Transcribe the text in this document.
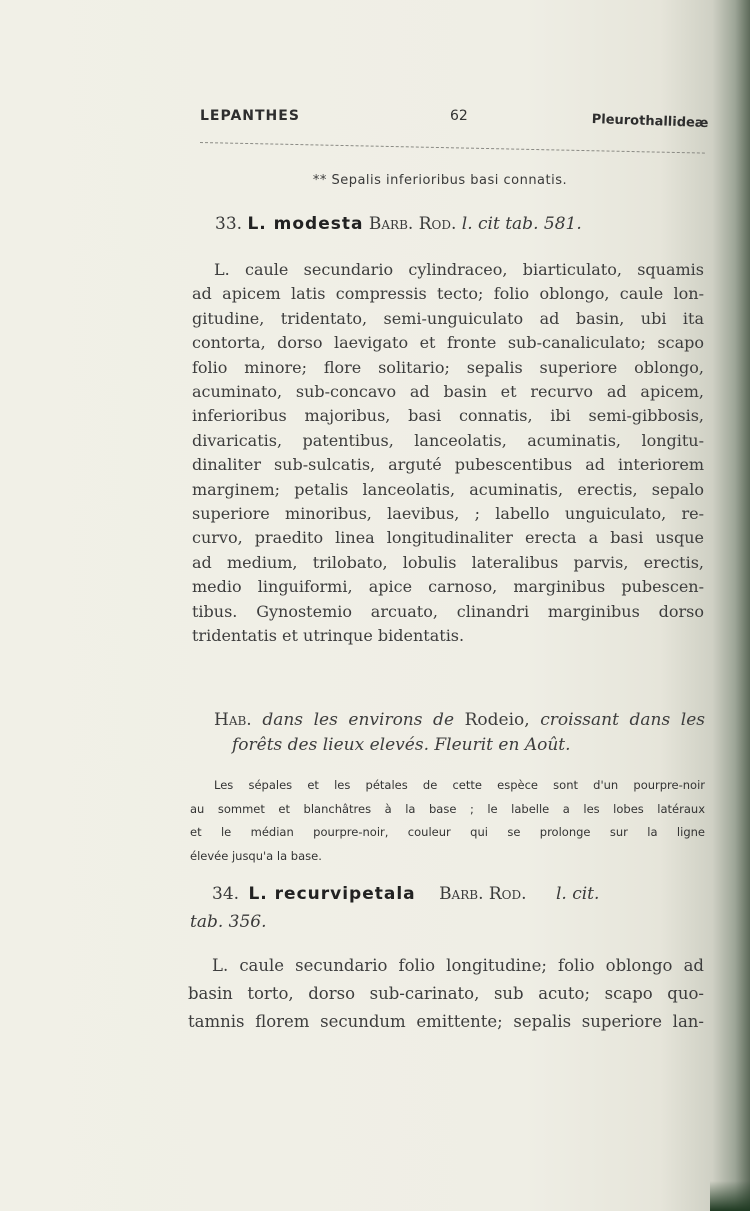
LEPANTHES	62	Pleurothallideæ
** Sepalis inferioribus basi connatis.
33. L. modesta Barb. Rod. l. cit tab. 581.
L. caule secundario cylindraceo, biarticulato, squamis
ad apicem latis compressis tecto; folio oblongo, caule lon-
gitudine, tridentato, semi-unguiculato ad basin, ubi ita
contorta, dorso laevigato et fronte sub-canaliculato; scapo
folio minore; flore solitario; sepalis superiore oblongo,
acuminato, sub-concavo ad basin et recurvo ad apicem,
inferioribus majoribus, basi connatis, ibi semi-gibbosis,
divaricatis, patentibus, lanceolatis, acuminatis, longitu-
dinaliter sub-sulcatis, arguté pubescentibus ad interiorem
marginem; petalis lanceolatis, acuminatis, erectis, sepalo
superiore minoribus, laevibus, ; labello unguiculato, re-
curvo, praedito linea longitudinaliter erecta a basi usque
ad medium, trilobato, lobulis lateralibus parvis, erectis,
medio linguiformi, apice carnoso, marginibus pubescen-
tibus. Gynostemio arcuato, clinandri marginibus dorso
tridentatis et utrinque bidentatis.
Hab. dans les environs de Rodeio, croissant dans les
forêts des lieux elevés. Fleurit en Août.
Les sépales et les pétales de cette espèce sont d'un pourpre-noir
au sommet et blanchâtres à la base ; le labelle a les lobes latéraux
et le médian pourpre-noir, couleur qui se prolonge sur la ligne
élevée jusqu'a la base.
34. L. recurvipetala Barb. Rod. l. cit.
tab. 356.
L. caule secundario folio longitudine; folio oblongo ad
basin torto, dorso sub-carinato, sub acuto; scapo quo-
tamnis florem secundum emittente; sepalis superiore lan-
